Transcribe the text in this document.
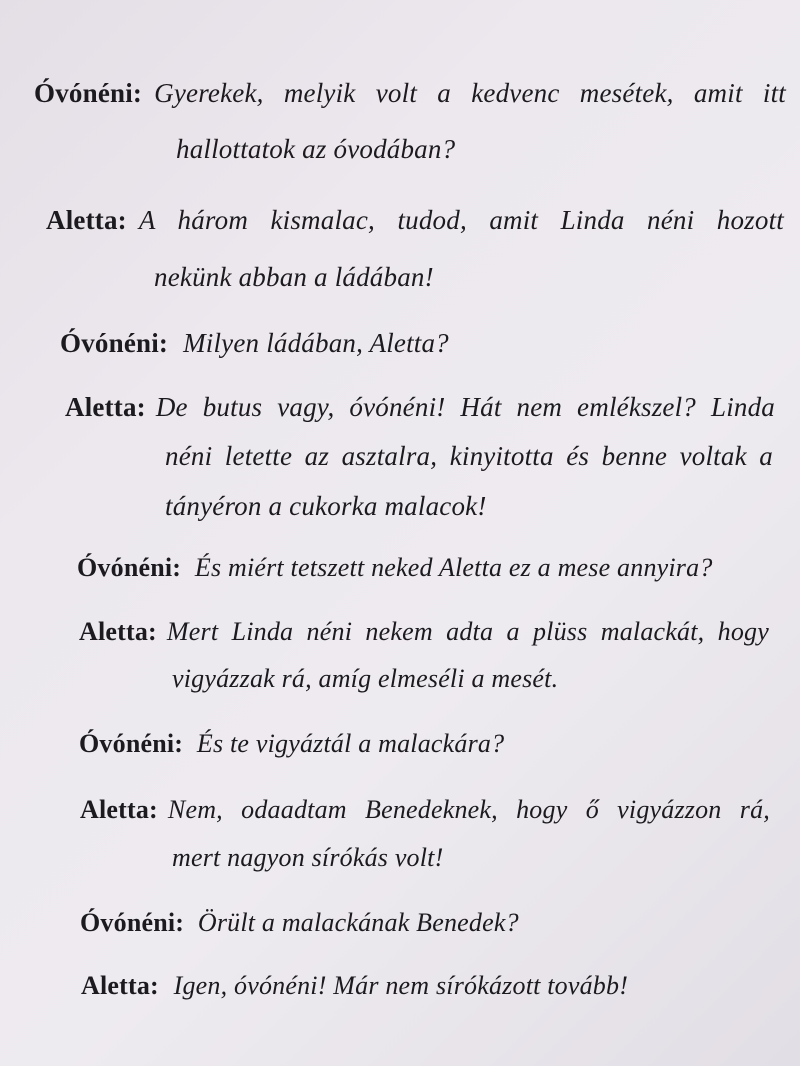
Óvónéni: Gyerekek, melyik volt a kedvenc mesétek, amit itt
hallottatok az óvodában?
Aletta: A három kismalac, tudod, amit Linda néni hozott
nekünk abban a ládában!
Óvónéni: Milyen ládában, Aletta?
Aletta: De butus vagy, óvónéni! Hát nem emlékszel? Linda
néni letette az asztalra, kinyitotta és benne voltak a
tányéron a cukorka malacok!
Óvónéni: És miért tetszett neked Aletta ez a mese annyira?
Aletta: Mert Linda néni nekem adta a plüss malackát, hogy
vigyázzak rá, amíg elmeséli a mesét.
Óvónéni: És te vigyáztál a malackára?
Aletta: Nem, odaadtam Benedeknek, hogy ő vigyázzon rá,
mert nagyon sírókás volt!
Óvónéni: Örült a malackának Benedek?
Aletta: Igen, óvónéni! Már nem sírókázott tovább!
